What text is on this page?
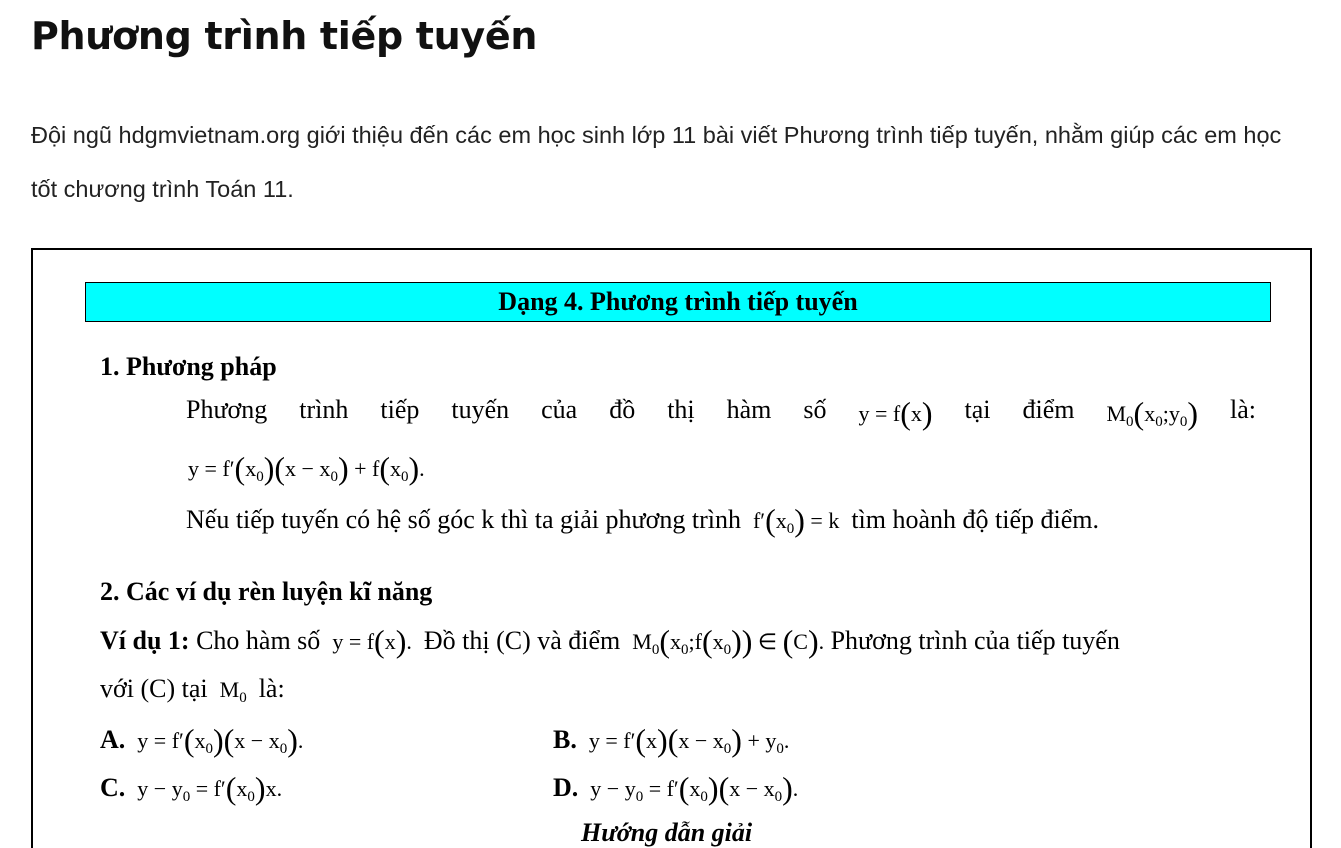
Phương trình tiếp tuyến

Đội ngũ hdgmvietnam.org giới thiệu đến các em học sinh lớp 11 bài viết Phương trình tiếp tuyến, nhằm giúp các em học tốt chương trình Toán 11.

Dạng 4. Phương trình tiếp tuyến
1. Phương pháp
Phương trình tiếp tuyến của đồ thị hàm số y = f(x) tại điểm $M_0(x_0;y_0)$ là:
$y = f'(x_0)(x - x_0) + f(x_0)$.
Nếu tiếp tuyến có hệ số góc k thì ta giải phương trình  $f'(x_0) = k$  tìm hoành độ tiếp điểm.
2. Các ví dụ rèn luyện kĩ năng
Ví dụ 1: Cho hàm số  y = f(x).  Đồ thị (C) và điểm  $M_0(x_0;f(x_0))$ ∈ (C). Phương trình của tiếp tuyến
với (C) tại  $M_0$ là:
A.  $y = f'(x_0)(x - x_0)$.	B.  $y = f'(x)(x - x_0) + y_0$.
C.  $y - y_0 = f'(x_0)x$.	D.  $y - y_0 = f'(x_0)(x - x_0)$.
Hướng dẫn giải
